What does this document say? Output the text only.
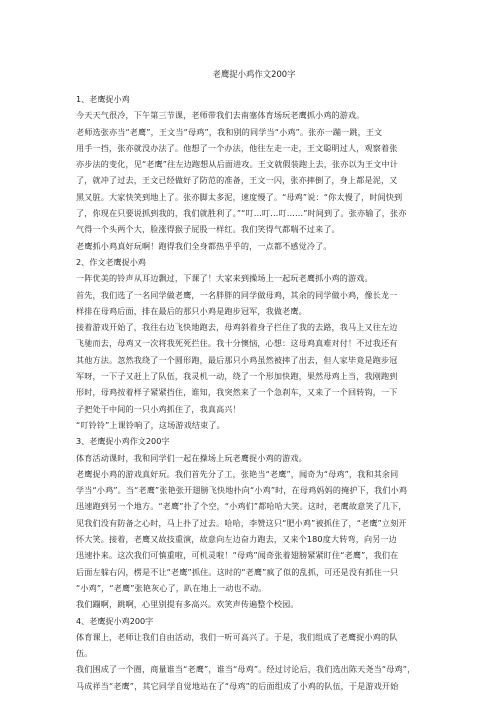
老鹰捉小鸡作文200字

1、老鹰捉小鸡

今天天气很冷，下午第三节课，老师带我们去南塞体育场玩老鹰抓小鸡的游戏。

老师选张亦当“老鹰”，王文当“母鸡”，我和别的同学当“小鸡”。张亦一蹦一跳，王文

用手一挡，张亦就没办法了。他想了一个办法，他往左走一走，王文聪明过人，观察着张

亦步法的变化，见“老鹰”往左边跑想从后面进攻。王文就假装跑上去，张亦以为王文中计

了，就冲了过去，王文已经做好了防范的准备，王文一闪，张亦摔倒了，身上都是泥，又

黑又脏。大家快笑到地上了。张亦脚太多泥，速度慢了。“母鸡”说：“你太慢了，时间快到

了，你现在只要说抓到我的，我们就胜利了。”“叮…叮…叮……”时间到了。张亦输了，张亦

气得一个头两个大，脸涨得猴子屁股一样红。我们笑得气都喘不过来了。

老鹰抓小鸡真好玩啊！跑得我们全身都热乎乎的，一点都不感觉冷了。

2、作文老鹰捉小鸡

一阵优美的铃声从耳边飘过，下课了！大家来到操场上一起玩老鹰抓小鸡的游戏。

首先，我们选了一名同学做老鹰，一名胖胖的同学做母鸡，其余的同学做小鸡，像长龙一

样排在母鸡后面，排在最后的那只小鸡是跑步冠军，我做老鹰。

接着游戏开始了，我往右边飞快地跑去，母鸡斜着身子拦住了我的去路，我马上又往左边

飞驰而去，母鸡又一次将我死死拦住。我十分懊恼，心想：这母鸡真难对付！不过我还有

其他方法。忽然我绕了一个圆形跑，最后那只小鸡虽然被摔了出去，但人家毕竟是跑步冠

军呀，一下子又赶上了队伍，我灵机一动，绕了一个形加快跑，果然母鸡上当，我刚跑到

形时，母鸡按着样子紧紧挡住，谁知，我突然来了一个急刹车，又来了一个回转钩，一下

子把处于中间的一只小鸡抓住了，我真高兴！

“叮铃铃”上课铃响了，这场游戏结束了。

3、老鹰捉小鸡作文200字

体育活动课时，我和同学们一起在操场上玩老鹰捉小鸡的游戏。

老鹰捉小鸡的游戏真好玩。我们首先分了工，张艳当“老鹰”，闻奇为“母鸡”，我和其余同

学当“小鸡”。当“老鹰”张艳张开翅膀飞快地扑向“小鸡”时，在母鸡妈妈的掩护下，我们小鸡

迅速跑到另一个地方。“老鹰”扑了个空，“小鸡们”都哈哈大笑。这时，老鹰故意笑了几下，

见我们没有防备之心时，马上扑了过去。哈哈，李赞这只“肥小鸡”被抓住了，“老鹰”立刻开

怀大笑。接着，老鹰又故技重演，故意向左边奋力跑去，又来个180度大转弯，向另一边

迅速扑来。这次我们可慎重啦，可机灵啦！“母鸡”闻奇张着翅膀紧紧盯住“老鹰”，我们在

后面左躲右闪，楞是不让“老鹰”抓住。这时的“老鹰”疯了似的乱抓，可还是没有抓住一只

“小鸡”，“老鹰”张艳灰心了，趴在地上一动也不动。

我们蹦啊，跳啊，心里别提有多高兴。欢笑声传遍整个校园。

4、老鹰捉小鸡200字

体育课上，老师让我们自由活动，我们一听可高兴了。于是，我们组成了老鹰捉小鸡的队

伍。

我们围成了一个圈，商量谁当“老鹰”，谁当“母鸡”。经过讨论后，我们选出陈天尧当“母鸡”，

马成祥当“老鹰”，其它同学自觉地站在了“母鸡”的后面组成了小鸡的队伍，于是游戏开始
